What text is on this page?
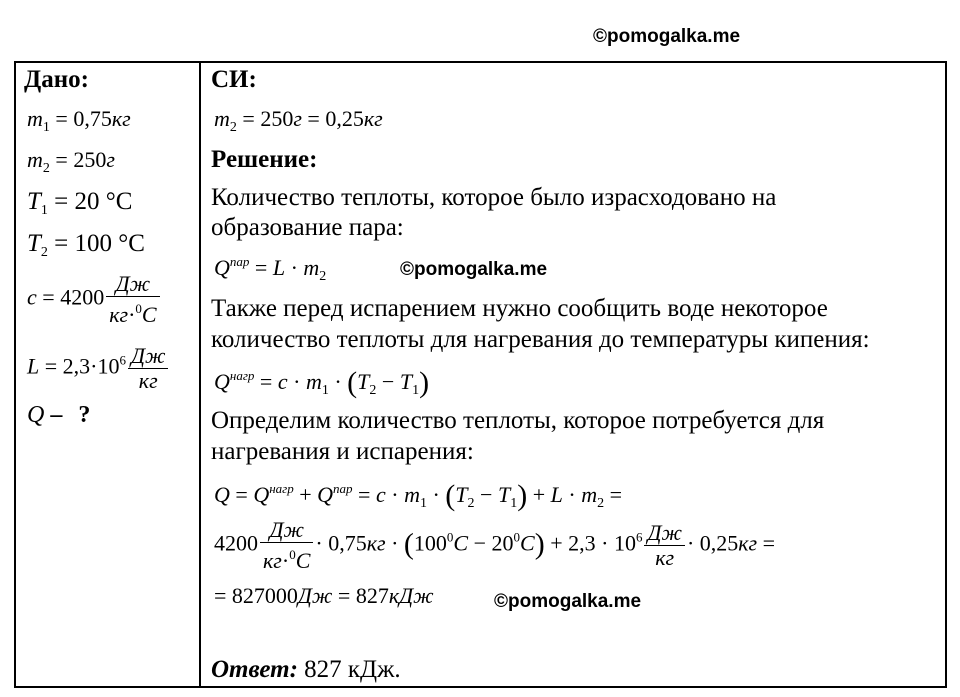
©pomogalka.me
Дано:
$m_1 = 0,75кг$
$m_2 = 250г$
$T_1 = 20$ °C
$T_2 = 100$ °C
$c = 4200 \frac{Дж}{кг\cdot^0C}$
$L = 2,3\cdot 10^6 \frac{Дж}{кг}$
Q – ?
СИ:
$m_2 = 250г = 0,25кг$
Решение:
Количество теплоты, которое было израсходовано на
образование пара:
$Q^{пар} = L \cdot m_2$	©pomogalka.me
Также перед испарением нужно сообщить воде некоторое
количество теплоты для нагревания до температуры кипения:
$Q^{нагр} = c \cdot m_1 \cdot (T_2 - T_1)$
Определим количество теплоты, которое потребуется для
нагревания и испарения:
$Q = Q^{нагр} + Q^{пар} = c \cdot m_1 \cdot (T_2 - T_1) + L \cdot m_2$ =
$4200 \frac{Дж}{кг\cdot^0C} \cdot 0,75кг \cdot (100^0C - 20^0C) + 2,3 \cdot 10^6 \frac{Дж}{кг} \cdot 0,25кг$ =
= 827000Дж = 827кДж	©pomogalka.me
Ответ: 827 кДж.
